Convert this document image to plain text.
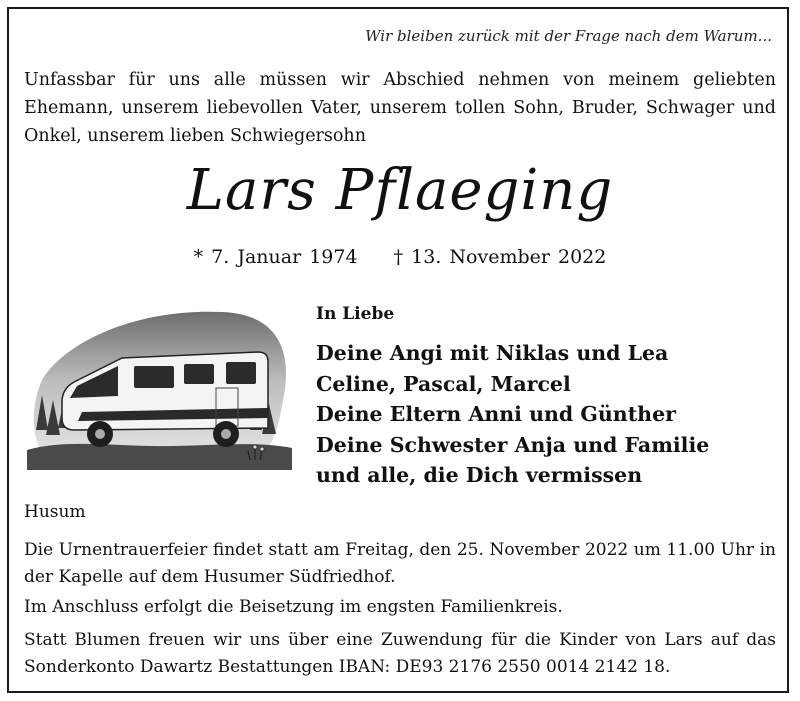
Wir bleiben zurück mit der Frage nach dem Warum...
Unfassbar für uns alle müssen wir Abschied nehmen von meinem geliebten Ehemann, unserem liebevollen Vater, unserem tollen Sohn, Bruder, Schwager und Onkel, unserem lieben Schwiegersohn
Lars Pflaeging
* 7. Januar 1974 † 13. November 2022
In Liebe
Deine Angi mit Niklas und Lea
Celine, Pascal, Marcel
Deine Eltern Anni und Günther
Deine Schwester Anja und Familie
und alle, die Dich vermissen
Husum
Die Urnentrauerfeier findet statt am Freitag, den 25. November 2022 um 11.00 Uhr in der Kapelle auf dem Husumer Südfriedhof.
Im Anschluss erfolgt die Beisetzung im engsten Familienkreis.
Statt Blumen freuen wir uns über eine Zuwendung für die Kinder von Lars auf das Sonderkonto Dawartz Bestattungen IBAN: DE93 2176 2550 0014 2142 18.
